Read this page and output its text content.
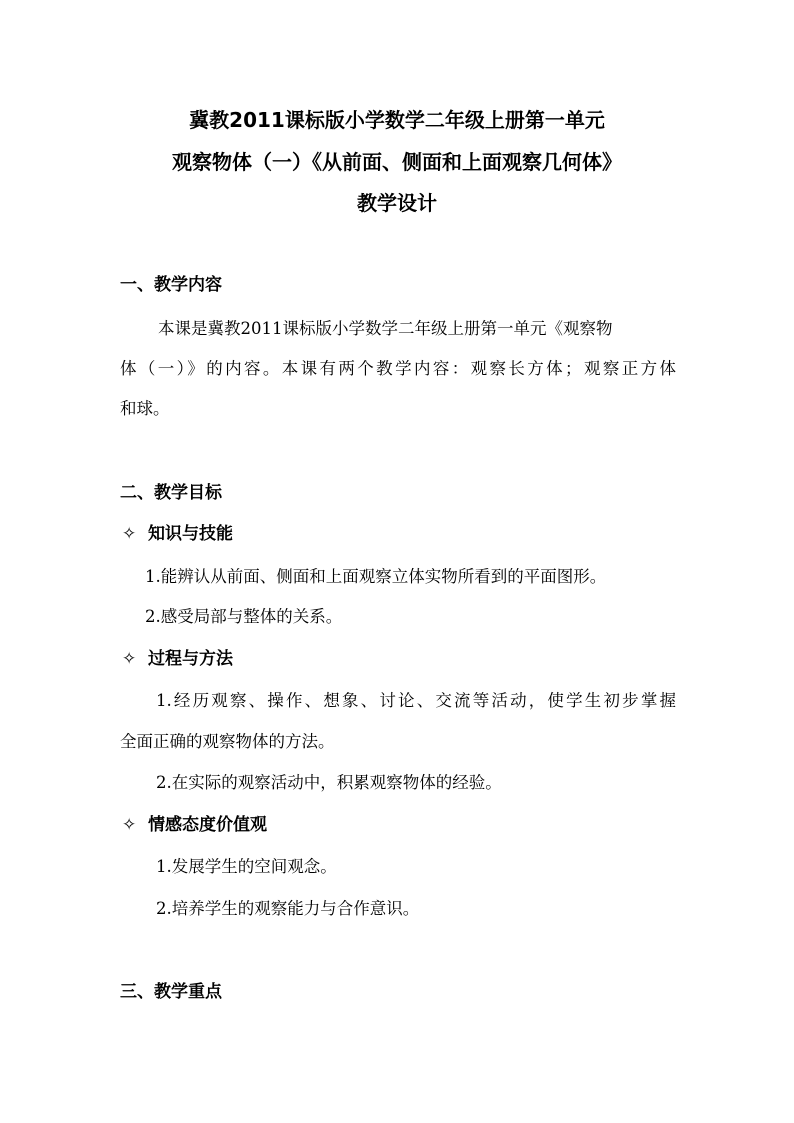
冀教2011课标版小学数学二年级上册第一单元
观察物体（一）《从前面、侧面和上面观察几何体》
教学设计
一、教学内容
本课是冀教2011课标版小学数学二年级上册第一单元《观察物
体（一）》的内容。本课有两个教学内容：观察长方体；观察正方体
和球。
二、教学目标
✧ 知识与技能
1.能辨认从前面、侧面和上面观察立体实物所看到的平面图形。
2.感受局部与整体的关系。
✧ 过程与方法
1.经历观察、操作、想象、讨论、交流等活动，使学生初步掌握
全面正确的观察物体的方法。
2.在实际的观察活动中，积累观察物体的经验。
✧ 情感态度价值观
1.发展学生的空间观念。
2.培养学生的观察能力与合作意识。
三、教学重点
